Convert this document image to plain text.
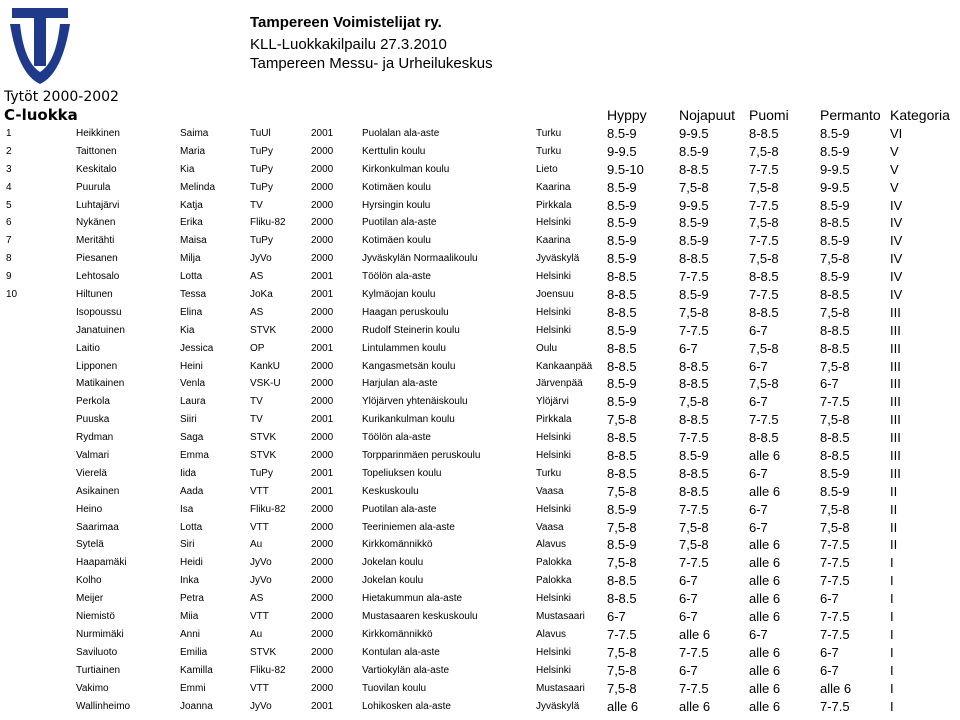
Tampereen Voimistelijat ry.
KLL-Luokkakilpailu 27.3.2010
Tampereen Messu- ja Urheilukeskus
Tytöt 2000-2002
C-luokka	Hyppy Nojapuut Puomi Permanto Kategoria
1	Heikkinen	Saima	TuUl	2001	Puolalan ala-aste	Turku	8.5-9	9-9.5	8-8.5	8.5-9	VI
2	Taittonen	Maria	TuPy	2000	Kerttulin koulu	Turku	9-9.5	8.5-9	7,5-8	8.5-9	V
3	Keskitalo	Kia	TuPy	2000	Kirkonkulman koulu	Lieto	9.5-10	8-8.5	7-7.5	9-9.5	V
4	Puurula	Melinda	TuPy	2000	Kotimäen koulu	Kaarina	8.5-9	7,5-8	7,5-8	9-9.5	V
5	Luhtajärvi	Katja	TV	2000	Hyrsingin koulu	Pirkkala	8.5-9	9-9.5	7-7.5	8.5-9	IV
6	Nykänen	Erika	Fliku-82	2000	Puotilan ala-aste	Helsinki	8.5-9	8.5-9	7,5-8	8-8.5	IV
7	Meritähti	Maisa	TuPy	2000	Kotimäen koulu	Kaarina	8.5-9	8.5-9	7-7.5	8.5-9	IV
8	Piesanen	Milja	JyVo	2000	Jyväskylän Normaalikoulu	Jyväskylä 8.5-9	8-8.5	7,5-8	7,5-8	IV
9	Lehtosalo	Lotta	AS	2001	Töölön ala-aste	Helsinki	8-8.5	7-7.5	8-8.5	8.5-9	IV
10	Hiltunen	Tessa	JoKa	2001	Kylmäojan koulu	Joensuu	8-8.5	8.5-9	7-7.5	8-8.5	IV
Isopoussu	Elina	AS	2000	Haagan peruskoulu	Helsinki	8-8.5	7,5-8	8-8.5	7,5-8	III
Janatuinen	Kia	STVK	2000	Rudolf Steinerin koulu	Helsinki	8.5-9	7-7.5	6-7	8-8.5	III
Laitio	Jessica	OP	2001	Lintulammen koulu	Oulu	8-8.5	6-7	7,5-8	8-8.5	III
Lipponen	Heini	KankU	2000	Kangasmetsän koulu	Kankaanpää 8-8.5	8-8.5	6-7	7,5-8	III
Matikainen	Venla	VSK-U	2000	Harjulan ala-aste	Järvenpää 8.5-9	8-8.5	7,5-8	6-7	III
Perkola	Laura	TV	2000	Ylöjärven yhtenäiskoulu	Ylöjärvi	8.5-9	7,5-8	6-7	7-7.5	III
Puuska	Siiri	TV	2001	Kurikankulman koulu	Pirkkala	7,5-8	8-8.5	7-7.5	7,5-8	III
Rydman	Saga	STVK	2000	Töölön ala-aste	Helsinki	8-8.5	7-7.5	8-8.5	8-8.5	III
Valmari	Emma	STVK	2000	Torpparinmäen peruskoulu	Helsinki	8-8.5	8.5-9	alle 6	8-8.5	III
Vierelä	Iida	TuPy	2001	Topeliuksen koulu	Turku	8-8.5	8-8.5	6-7	8.5-9	III
Asikainen	Aada	VTT	2001	Keskuskoulu	Vaasa	7,5-8	8-8.5	alle 6	8.5-9	II
Heino	Isa	Fliku-82	2000	Puotilan ala-aste	Helsinki	8.5-9	7-7.5	6-7	7,5-8	II
Saarimaa	Lotta	VTT	2000	Teeriniemen ala-aste	Vaasa	7,5-8	7,5-8	6-7	7,5-8	II
Sytelä	Siri	Au	2000	Kirkkomännikkö	Alavus	8.5-9	7,5-8	alle 6	7-7.5	II
Haapamäki	Heidi	JyVo	2000	Jokelan koulu	Palokka	7,5-8	7-7.5	alle 6	7-7.5	I
Kolho	Inka	JyVo	2000	Jokelan koulu	Palokka	8-8.5	6-7	alle 6	7-7.5	I
Meijer	Petra	AS	2000	Hietakummun ala-aste	Helsinki	8-8.5	6-7	alle 6	6-7	I
Niemistö	Miia	VTT	2000	Mustasaaren keskuskoulu	Mustasaari 6-7	6-7	alle 6	7-7.5	I
Nurmimäki	Anni	Au	2000	Kirkkomännikkö	Alavus	7-7.5	alle 6	6-7	7-7.5	I
Saviluoto	Emilia	STVK	2000	Kontulan ala-aste	Helsinki	7,5-8	7-7.5	alle 6	6-7	I
Turtiainen	Kamilla	Fliku-82	2000	Vartiokylän ala-aste	Helsinki	7,5-8	6-7	alle 6	6-7	I
Vakimo	Emmi	VTT	2000	Tuovilan koulu	Mustasaari 7,5-8	7-7.5	alle 6	alle 6	I
Wallinheimo	Joanna	JyVo	2001	Lohikosken ala-aste	Jyväskylä alle 6	alle 6	alle 6	7-7.5	I
